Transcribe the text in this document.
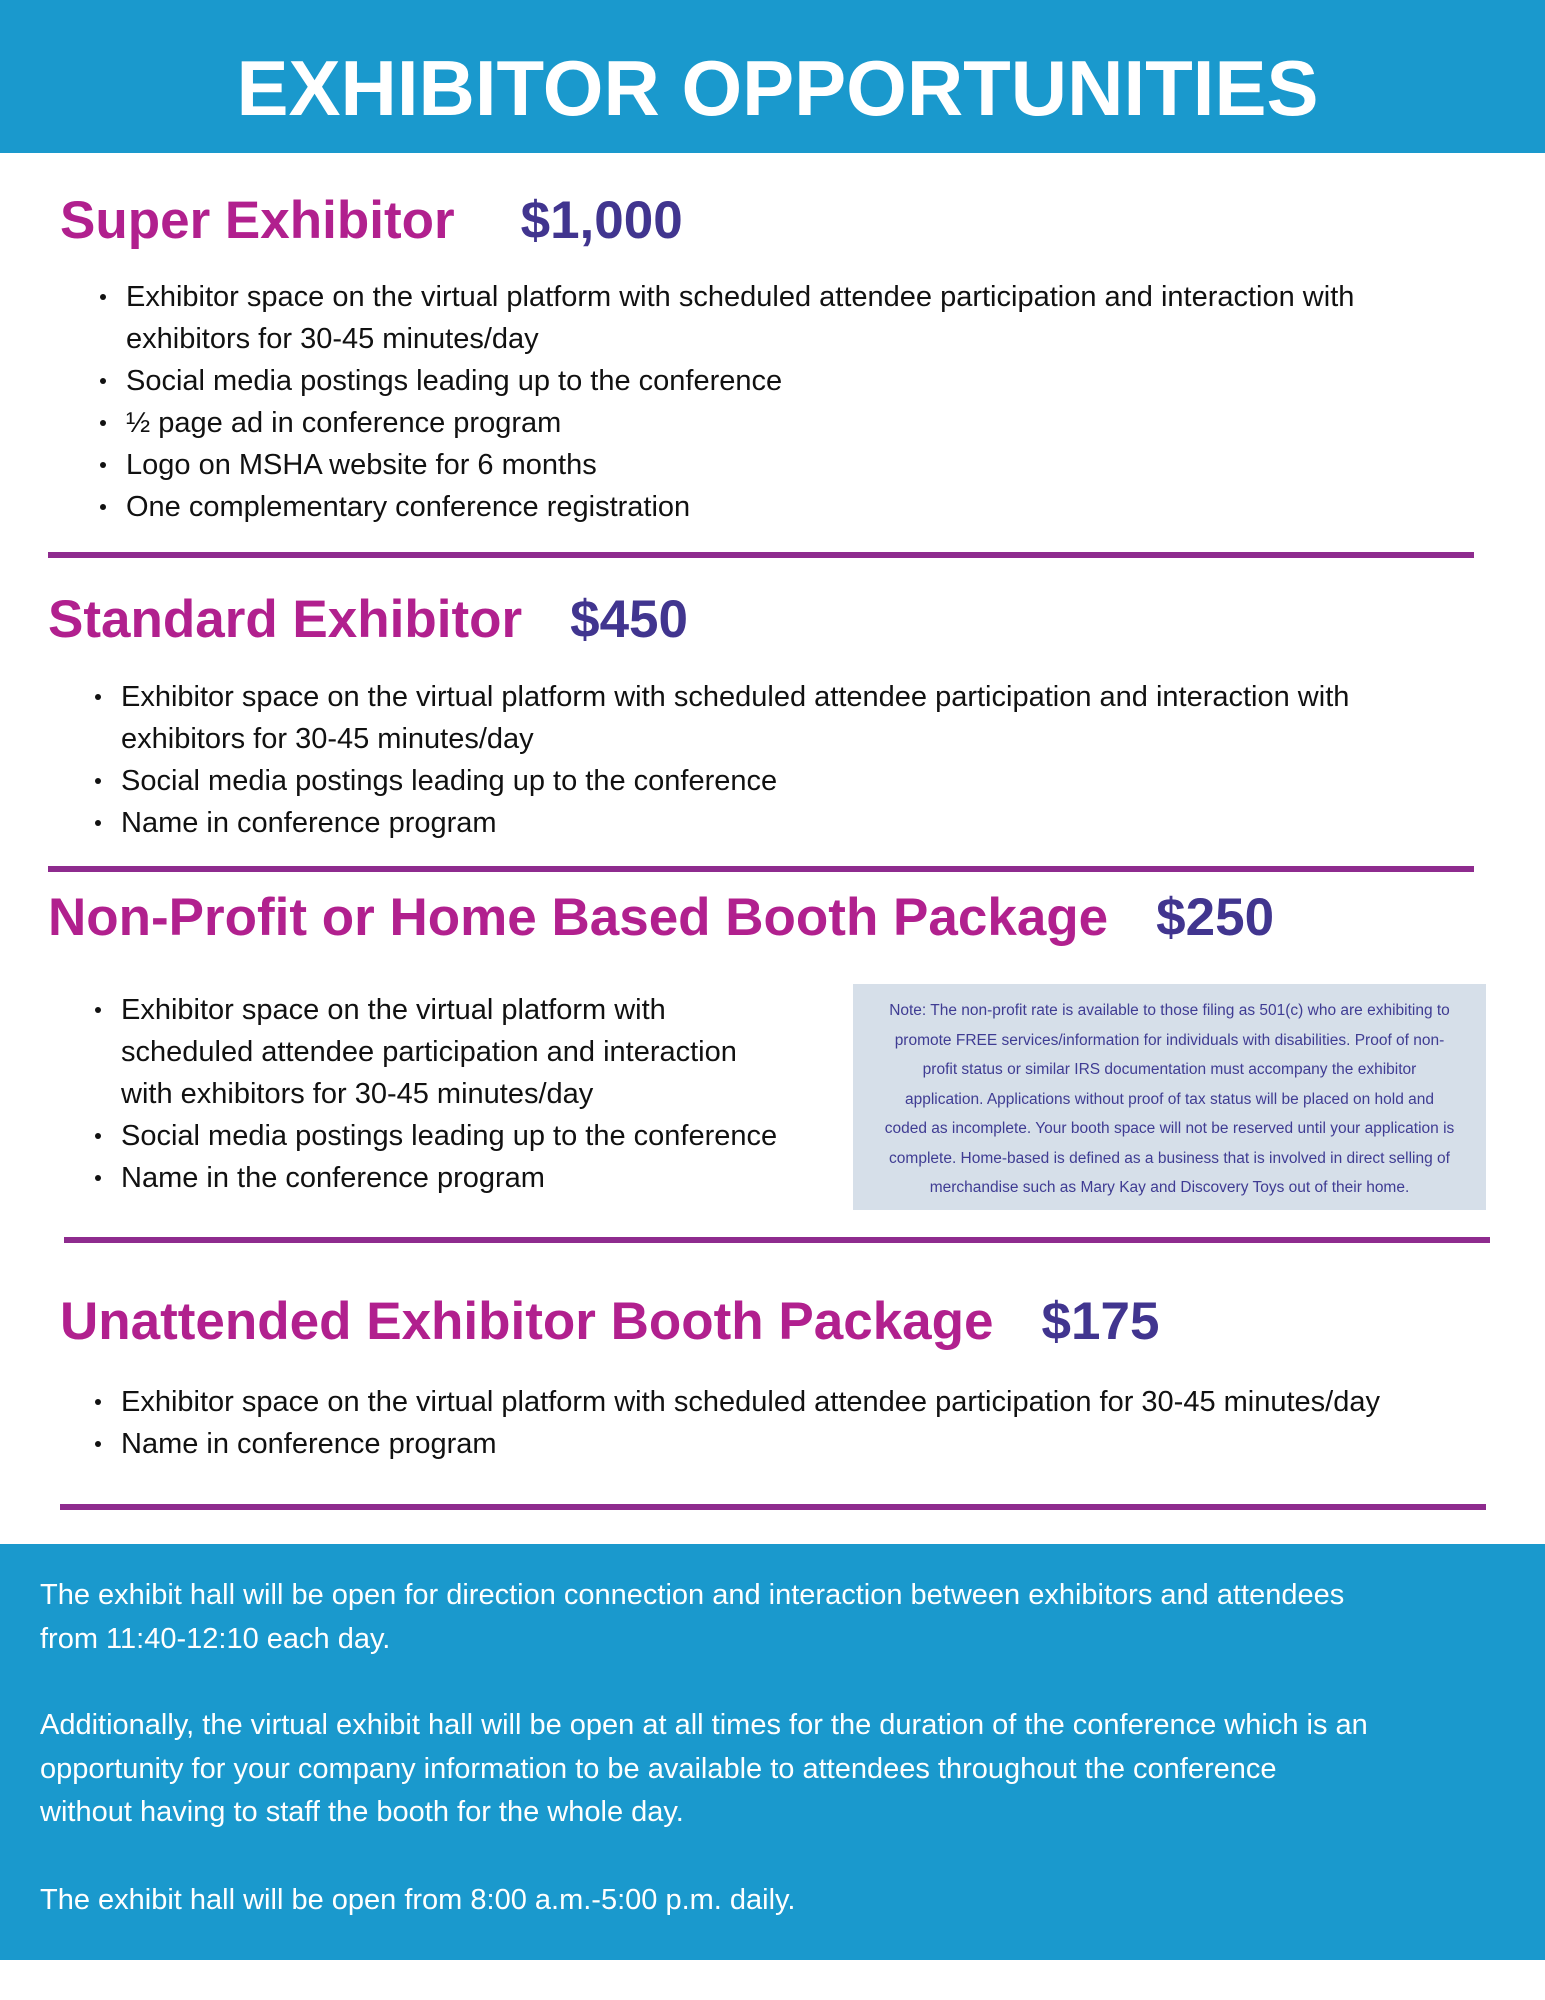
EXHIBITOR OPPORTUNITIES
Super Exhibitor $1,000
Exhibitor space on the virtual platform with scheduled attendee participation and interaction with
exhibitors for 30-45 minutes/day
Social media postings leading up to the conference
½ page ad in conference program
Logo on MSHA website for 6 months
One complementary conference registration
Standard Exhibitor $450
Exhibitor space on the virtual platform with scheduled attendee participation and interaction with
exhibitors for 30-45 minutes/day
Social media postings leading up to the conference
Name in conference program
Non-Profit or Home Based Booth Package $250
Exhibitor space on the virtual platform with
scheduled attendee participation and interaction
with exhibitors for 30-45 minutes/day
Social media postings leading up to the conference
Name in the conference program
Note: The non-profit rate is available to those filing as 501(c) who are exhibiting to
promote FREE services/information for individuals with disabilities. Proof of non-
profit status or similar IRS documentation must accompany the exhibitor
application. Applications without proof of tax status will be placed on hold and
coded as incomplete. Your booth space will not be reserved until your application is
complete. Home-based is defined as a business that is involved in direct selling of
merchandise such as Mary Kay and Discovery Toys out of their home.
Unattended Exhibitor Booth Package $175
Exhibitor space on the virtual platform with scheduled attendee participation for 30-45 minutes/day
Name in conference program
The exhibit hall will be open for direction connection and interaction between exhibitors and attendees
from 11:40-12:10 each day.
Additionally, the virtual exhibit hall will be open at all times for the duration of the conference which is an
opportunity for your company information to be available to attendees throughout the conference
without having to staff the booth for the whole day.
The exhibit hall will be open from 8:00 a.m.-5:00 p.m. daily.
